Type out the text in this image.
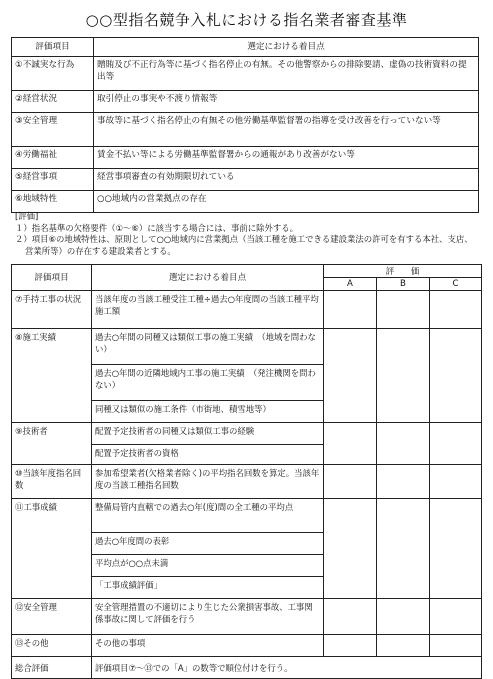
○○型指名競争入札における指名業者審査基準
評価項目	選定における着目点
①不誠実な行為	贈賄及び不正行為等に基づく指名停止の有無。その他警察からの排除要請、虚偽の技術資料の提出等
②経営状況	取引停止の事実や不渡り情報等
③安全管理	事故等に基づく指名停止の有無その他労働基準監督署の指導を受け改善を行っていない等
④労働福祉	賃金不払い等による労働基準監督署からの通報があり改善がない等
⑤経営事項	経営事項審査の有効期限切れている
⑥地域特性	○○地域内の営業拠点の存在
[評価]
１）指名基準の欠格要件（①～⑥）に該当する場合には、事前に除外する。
２）項目⑥の地域特性は、原則として○○地域内に営業拠点（当該工種を施工できる建設業法の許可を有する本社、支店、営業所等）の存在する建設業者とする。
評価項目	選定における着目点	評　　価		
		A	B	C
⑦手持工事の状況	当該年度の当該工種受注工種÷過去○年度間の当該工種平均施工額			
⑧施工実績	過去○年間の同種又は類似工事の施工実績　（地域を問わない）			
	過去○年間の近隣地域内工事の施工実績　（発注機関を問わない）			
	同種又は類似の施工条件（市街地、積雪地等）			
⑨技術者	配置予定技術者の同種又は類似工事の経験			
	配置予定技術者の資格			
⑩当該年度指名回数	参加希望業者(欠格業者除く)の平均指名回数を算定。当該年度の当該工種指名回数			
⑪工事成績	整備局管内直轄での過去○年(度)間の全工種の平均点			
	過去○年度間の表彰			
	平均点が○○点未満			
	「工事成績評価」			
⑫安全管理	安全管理措置の不適切により生じた公衆損害事故、工事関係事故に関して評価を行う			
⑬その他	その他の事項			
総合評価	評価項目⑦～⑬での「A」の数等で順位付けを行う。			
